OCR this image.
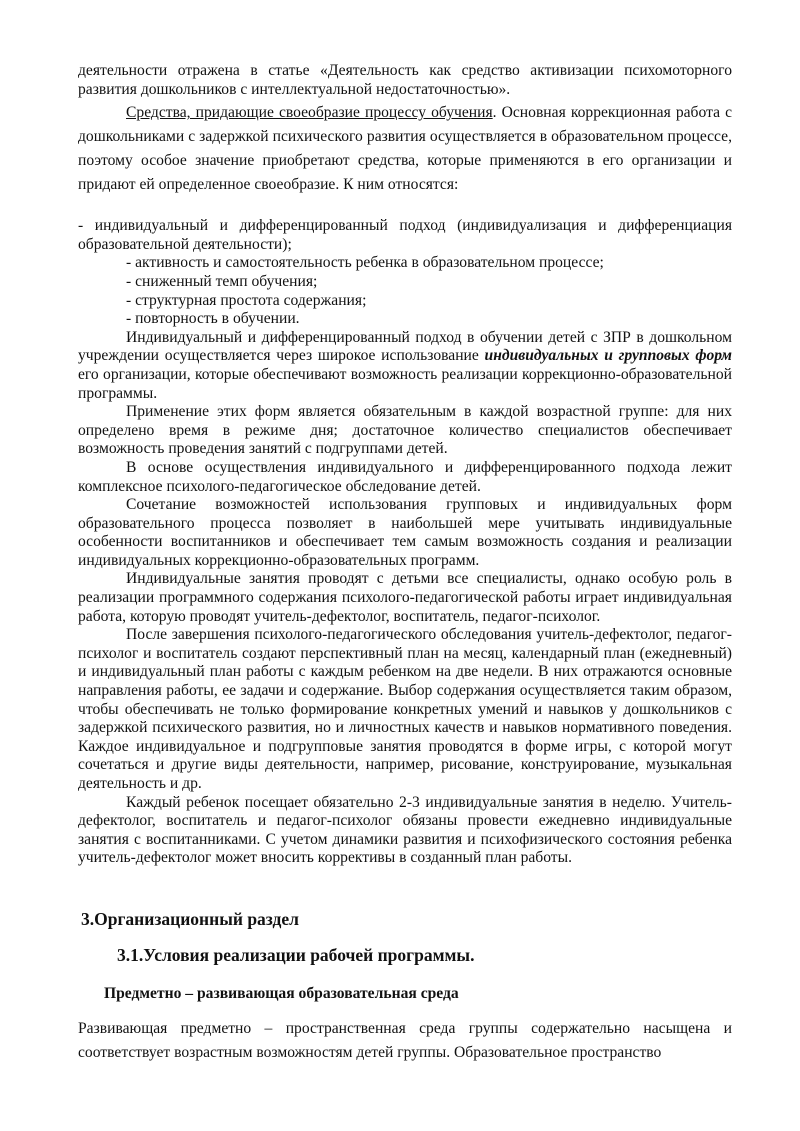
деятельности отражена в статье «Деятельность как средство активизации психомоторного развития дошкольников с интеллектуальной недостаточностью».

Средства, придающие своеобразие процессу обучения. Основная коррекционная работа с дошкольниками с задержкой психического развития осуществляется в образовательном процессе, поэтому особое значение приобретают средства, которые применяются в его организации и придают ей определенное своеобразие. К ним относятся:

- индивидуальный и дифференцированный подход (индивидуализация и дифференциация образовательной деятельности);

- активность и самостоятельность ребенка в образовательном процессе;

- сниженный темп обучения;

- структурная простота содержания;

- повторность в обучении.

Индивидуальный и дифференцированный подход в обучении детей с ЗПР в дошкольном учреждении осуществляется через широкое использование индивидуальных и групповых форм его организации, которые обеспечивают возможность реализации коррекционно-образовательной программы.

Применение этих форм является обязательным в каждой возрастной группе: для них определено время в режиме дня; достаточное количество специалистов обеспечивает возможность проведения занятий с подгруппами детей.

В основе осуществления индивидуального и дифференцированного подхода лежит комплексное психолого-педагогическое обследование детей.

Сочетание возможностей использования групповых и индивидуальных форм образовательного процесса позволяет в наибольшей мере учитывать индивидуальные особенности воспитанников и обеспечивает тем самым возможность создания и реализации индивидуальных коррекционно-образовательных программ.

Индивидуальные занятия проводят с детьми все специалисты, однако особую роль в реализации программного содержания психолого-педагогической работы играет индивидуальная работа, которую проводят учитель-дефектолог, воспитатель, педагог-психолог.

После завершения психолого-педагогического обследования учитель-дефектолог, педагог-психолог и воспитатель создают перспективный план на месяц, календарный план (ежедневный) и индивидуальный план работы с каждым ребенком на две недели. В них отражаются основные направления работы, ее задачи и содержание. Выбор содержания осуществляется таким образом, чтобы обеспечивать не только формирование конкретных умений и навыков у дошкольников с задержкой психического развития, но и личностных качеств и навыков нормативного поведения. Каждое индивидуальное и подгрупповые занятия проводятся в форме игры, с которой могут сочетаться и другие виды деятельности, например, рисование, конструирование, музыкальная деятельность и др.

Каждый ребенок посещает обязательно 2-3 индивидуальные занятия в неделю. Учитель-дефектолог, воспитатель и педагог-психолог обязаны провести ежедневно индивидуальные занятия с воспитанниками. С учетом динамики развития и психофизического состояния ребенка учитель-дефектолог может вносить коррективы в созданный план работы.

3.Организационный раздел
3.1.Условия реализации рабочей программы.
Предметно – развивающая образовательная среда

Развивающая предметно – пространственная среда группы содержательно насыщена и соответствует возрастным возможностям детей группы. Образовательное пространство
